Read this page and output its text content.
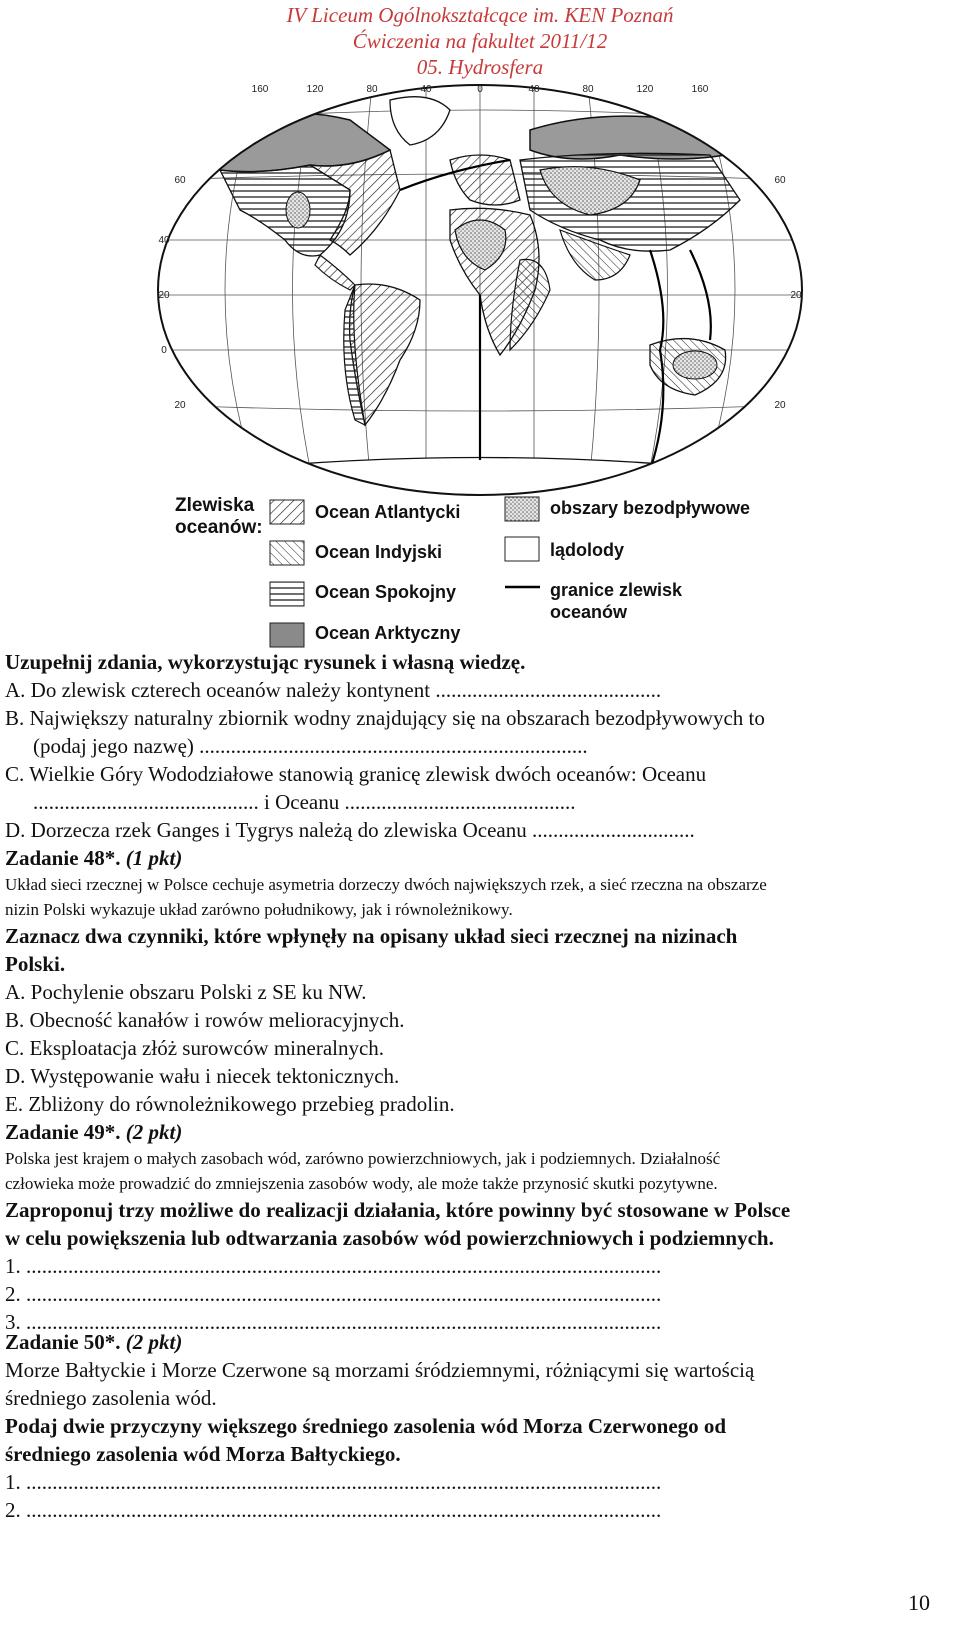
IV Liceum Ogólnokształcące im. KEN Poznań
Ćwiczenia na fakultet 2011/12
05. Hydrosfera
160	120	80	40	0	40	80	120	160
60
40
20
0
20
60
20
20
Zlewiska
oceanów:
Ocean Atlantycki
Ocean Indyjski
Ocean Spokojny
Ocean Arktyczny
obszary bezodpływowe
lądolody
granice zlewisk
oceanów
Uzupełnij zdania, wykorzystując rysunek i własną wiedzę.
A. Do zlewisk czterech oceanów należy kontynent ...........................................
B. Największy naturalny zbiornik wodny znajdujący się na obszarach bezodpływowych to
(podaj jego nazwę) ..........................................................................
C. Wielkie Góry Wododziałowe stanowią granicę zlewisk dwóch oceanów: Oceanu
........................................... i Oceanu ............................................
D. Dorzecza rzek Ganges i Tygrys należą do zlewiska Oceanu ...............................
Zadanie 48*. (1 pkt)
Układ sieci rzecznej w Polsce cechuje asymetria dorzeczy dwóch największych rzek, a sieć rzeczna na obszarze
nizin Polski wykazuje układ zarówno południkowy, jak i równoleżnikowy.
Zaznacz dwa czynniki, które wpłynęły na opisany układ sieci rzecznej na nizinach
Polski.
A. Pochylenie obszaru Polski z SE ku NW.
B. Obecność kanałów i rowów melioracyjnych.
C. Eksploatacja złóż surowców mineralnych.
D. Występowanie wału i niecek tektonicznych.
E. Zbliżony do równoleżnikowego przebieg pradolin.
Zadanie 49*. (2 pkt)
Polska jest krajem o małych zasobach wód, zarówno powierzchniowych, jak i podziemnych. Działalność
człowieka może prowadzić do zmniejszenia zasobów wody, ale może także przynosić skutki pozytywne.
Zaproponuj trzy możliwe do realizacji działania, które powinny być stosowane w Polsce
w celu powiększenia lub odtwarzania zasobów wód powierzchniowych i podziemnych.
1. .........................................................................................................................
2. .........................................................................................................................
3. .........................................................................................................................
Zadanie 50*. (2 pkt)
Morze Bałtyckie i Morze Czerwone są morzami śródziemnymi, różniącymi się wartością
średniego zasolenia wód.
Podaj dwie przyczyny większego średniego zasolenia wód Morza Czerwonego od
średniego zasolenia wód Morza Bałtyckiego.
1. .........................................................................................................................
2. .........................................................................................................................
10
